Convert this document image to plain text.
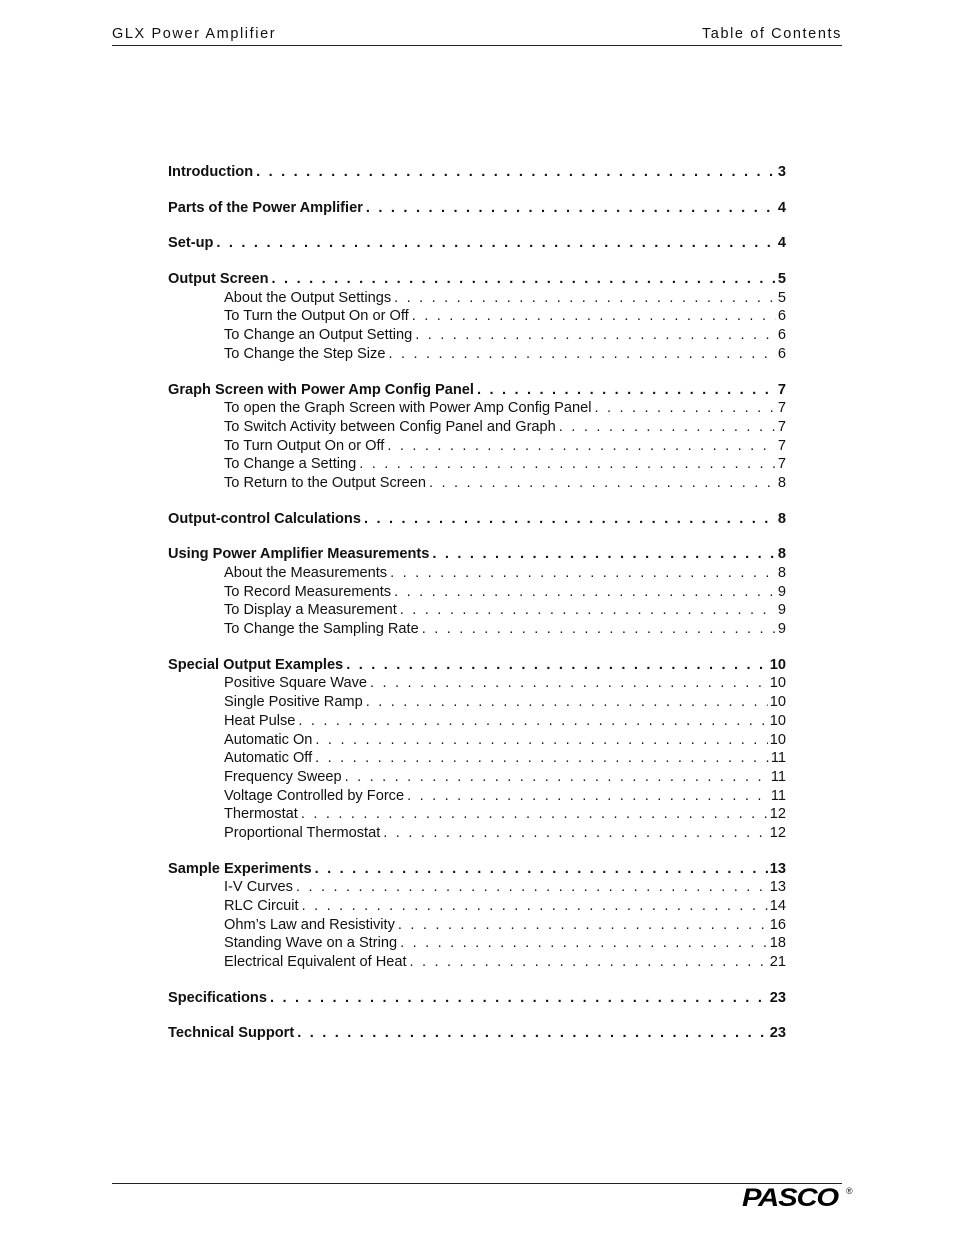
GLX Power Amplifier	Table of Contents
Introduction . . .	3
Parts of the Power Amplifier . . .	4
Set-up . . .	4
Output Screen . . .	5
About the Output Settings . . .	5
To Turn the Output On or Off . . .	6
To Change an Output Setting . . .	6
To Change the Step Size . . .	6
Graph Screen with Power Amp Config Panel . . .	7
To open the Graph Screen with Power Amp Config Panel . . .	7
To Switch Activity between Config Panel and Graph . . .	7
To Turn Output On or Off . . .	7
To Change a Setting . . .	7
To Return to the Output Screen . . .	8
Output-control Calculations . . .	8
Using Power Amplifier Measurements . . .	8
About the Measurements . . .	8
To Record Measurements . . .	9
To Display a Measurement . . .	9
To Change the Sampling Rate . . .	9
Special Output Examples . . .	10
Positive Square Wave . . .	10
Single Positive Ramp . . .	10
Heat Pulse . . .	10
Automatic On . . .	10
Automatic Off . . .	11
Frequency Sweep . . .	11
Voltage Controlled by Force . . .	11
Thermostat . . .	12
Proportional Thermostat . . .	12
Sample Experiments . . .	13
I-V Curves . . .	13
RLC Circuit . . .	14
Ohm’s Law and Resistivity . . .	16
Standing Wave on a String . . .	18
Electrical Equivalent of Heat . . .	21
Specifications . . .	23
Technical Support . . .	23
PASCO ®
